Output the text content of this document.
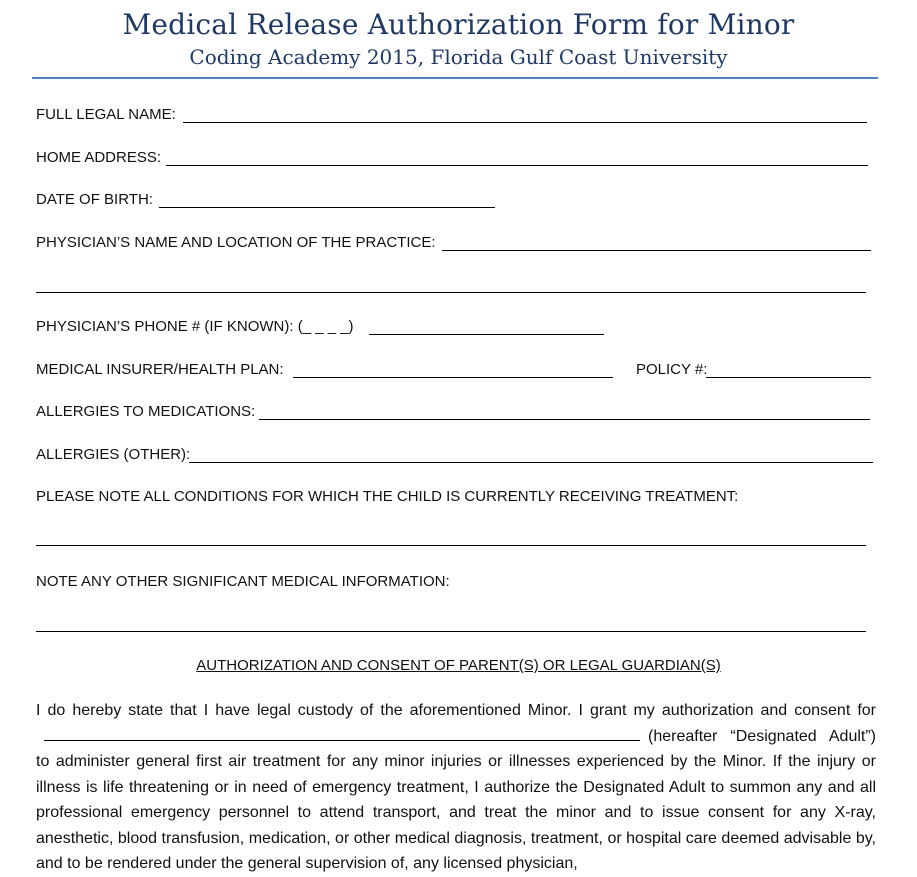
Medical Release Authorization Form for Minor
Coding Academy 2015, Florida Gulf Coast University
FULL LEGAL NAME:
HOME ADDRESS:
DATE OF BIRTH:
PHYSICIAN’S NAME AND LOCATION OF THE PRACTICE:
PHYSICIAN’S PHONE # (IF KNOWN): (_ _ _ _)
MEDICAL INSURER/HEALTH PLAN:	POLICY #:
ALLERGIES TO MEDICATIONS:
ALLERGIES (OTHER):
PLEASE NOTE ALL CONDITIONS FOR WHICH THE CHILD IS CURRENTLY RECEIVING TREATMENT:
NOTE ANY OTHER SIGNIFICANT MEDICAL INFORMATION:
AUTHORIZATION AND CONSENT OF PARENT(S) OR LEGAL GUARDIAN(S)
I do hereby state that I have legal custody of the aforementioned Minor. I grant my authorization and consent for(hereafter “Designated Adult”) to administer general first air treatment for any minor injuries or illnesses experienced by the Minor. If the injury or illness is life threatening or in need of emergency treatment, I authorize the Designated Adult to summon any and all professional emergency personnel to attend transport, and treat the minor and to issue consent for any X-ray, anesthetic, blood transfusion, medication, or other medical diagnosis, treatment, or hospital care deemed advisable by, and to be rendered under the general supervision of, any licensed physician,
